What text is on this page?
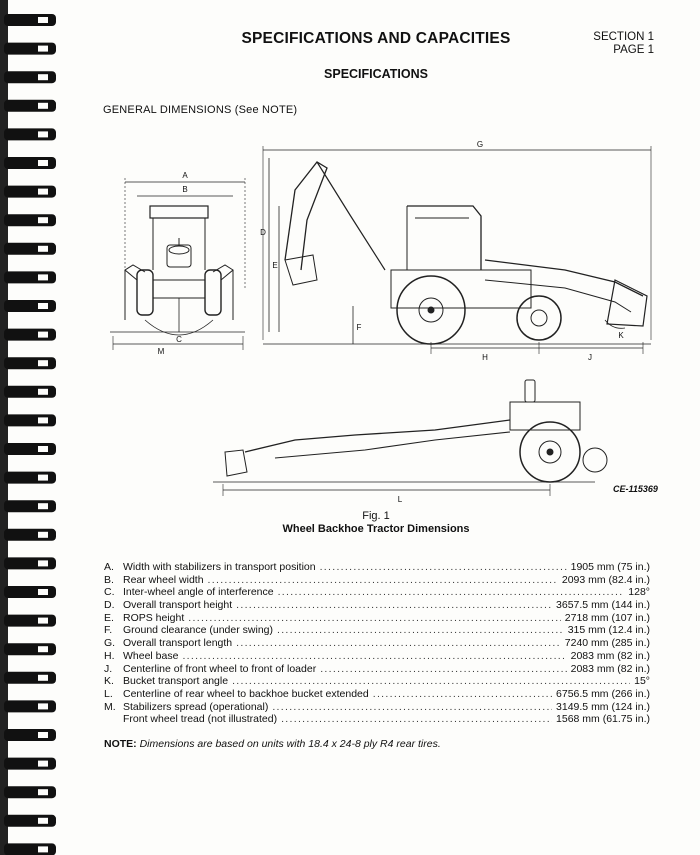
SPECIFICATIONS AND CAPACITIES	SECTION 1
PAGE 1
SPECIFICATIONS
GENERAL DIMENSIONS (See NOTE)
A
B
C
D
E
F
G
H	J
K
L
M
CE-115369
Fig. 1
Wheel Backhoe Tractor Dimensions
A. Width with stabilizers in transport position .....	1905 mm (75 in.)
B. Rear wheel width .....	2093 mm (82.4 in.)
C. Inter-wheel angle of interference .....	128°
D. Overall transport height .....	3657.5 mm (144 in.)
E. ROPS height .....	2718 mm (107 in.)
F.	Ground clearance (under swing) .....	315 mm (12.4 in.)
G. Overall transport length .....	7240 mm (285 in.)
H. Wheel base .....	2083 mm (82 in.)
J.	Centerline of front wheel to front of loader .....	2083 mm (82 in.)
K. Bucket transport angle .....	15°
L. Centerline of rear wheel to backhoe bucket extended .....	6756.5 mm (266 in.)
M. Stabilizers spread (operational) .....	3149.5 mm (124 in.)
Front wheel tread (not illustrated) .....	1568 mm (61.75 in.)
NOTE: Dimensions are based on units with 18.4 x 24-8 ply R4 rear tires.
